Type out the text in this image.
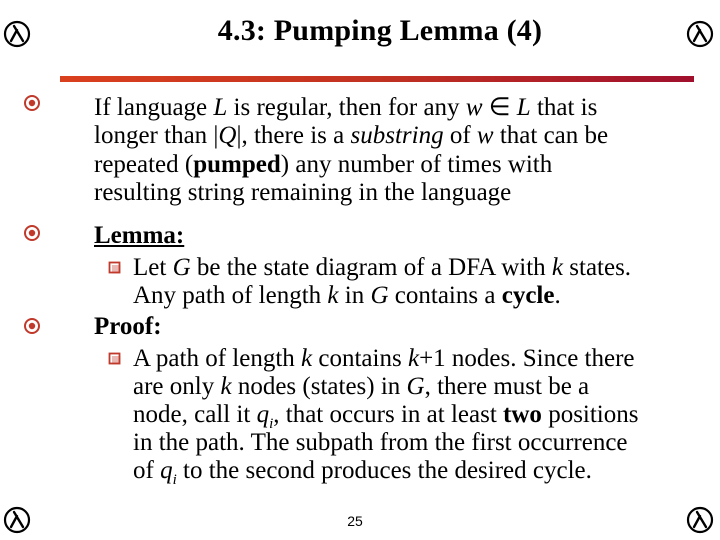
4.3: Pumping Lemma (4)
If language L is regular, then for any w ∈ L that is
longer than |Q|, there is a substring of w that can be
repeated (pumped) any number of times with
resulting string remaining in the language
Lemma:
Let G be the state diagram of a DFA with k states.
Any path of length k in G contains a cycle.
Proof:
A path of length k contains k+1 nodes. Since there
are only k nodes (states) in G, there must be a
node, call it $q_i$, that occurs in at least two positions
in the path. The subpath from the first occurrence
of $q_i$ to the second produces the desired cycle.
25
